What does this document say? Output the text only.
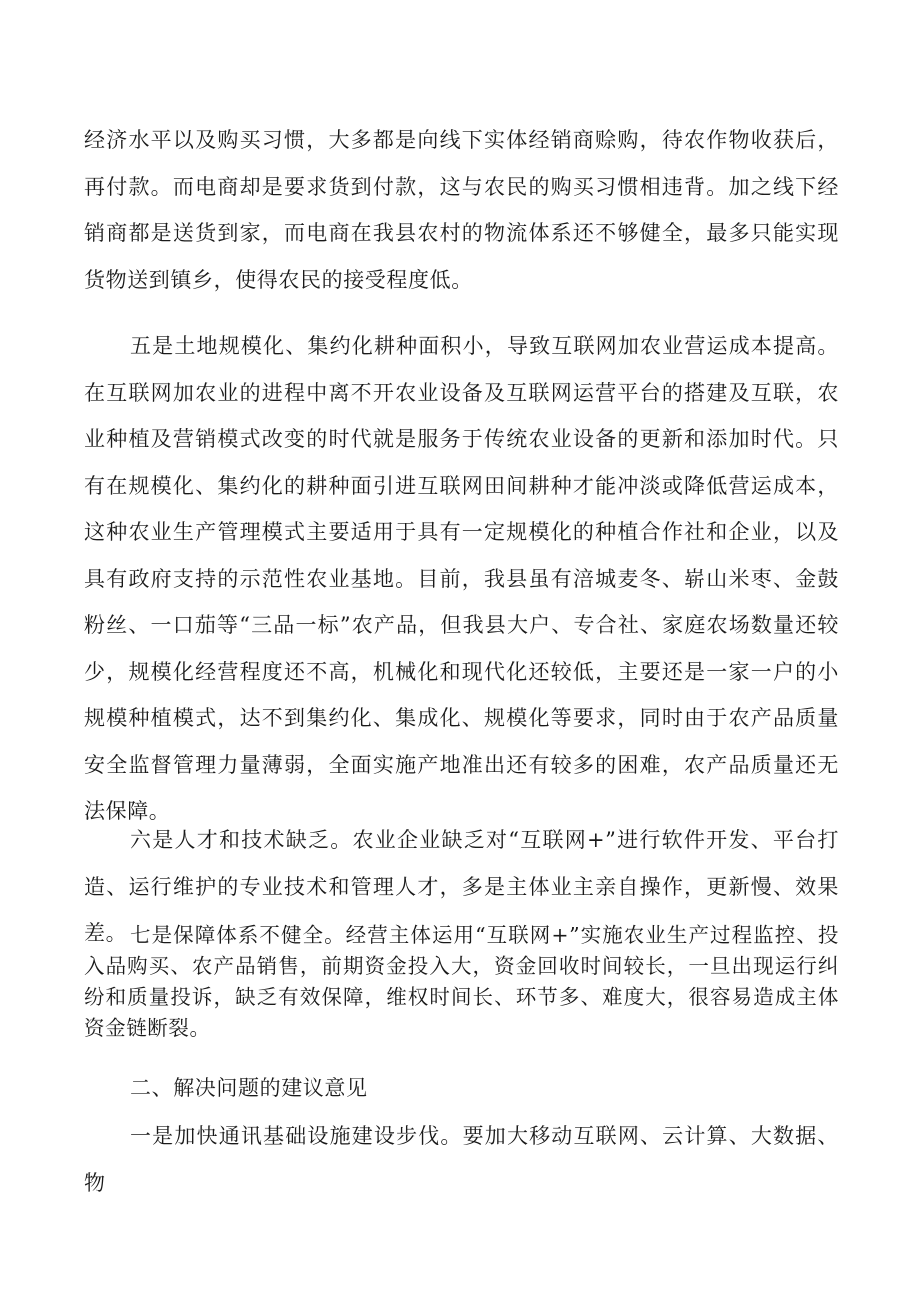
经济水平以及购买习惯，大多都是向线下实体经销商赊购，待农作物收获后，再付款。而电商却是要求货到付款，这与农民的购买习惯相违背。加之线下经销商都是送货到家，而电商在我县农村的物流体系还不够健全，最多只能实现货物送到镇乡，使得农民的接受程度低。

五是土地规模化、集约化耕种面积小，导致互联网加农业营运成本提高。在互联网加农业的进程中离不开农业设备及互联网运营平台的搭建及互联，农业种植及营销模式改变的时代就是服务于传统农业设备的更新和添加时代。只有在规模化、集约化的耕种面引进互联网田间耕种才能冲淡或降低营运成本，这种农业生产管理模式主要适用于具有一定规模化的种植合作社和企业，以及具有政府支持的示范性农业基地。目前，我县虽有涪城麦冬、崭山米枣、金鼓粉丝、一口茄等“三品一标”农产品，但我县大户、专合社、家庭农场数量还较少，规模化经营程度还不高，机械化和现代化还较低，主要还是一家一户的小规模种植模式，达不到集约化、集成化、规模化等要求，同时由于农产品质量安全监督管理力量薄弱，全面实施产地准出还有较多的困难，农产品质量还无法保障。

六是人才和技术缺乏。农业企业缺乏对“互联网+”进行软件开发、平台打造、运行维护的专业技术和管理人才，多是主体业主亲自操作，更新慢、效果差。 七是保障体系不健全。经营主体运用“互联网+”实施农业生产过程监控、投入品购买、农产品销售，前期资金投入大，资金回收时间较长，一旦出现运行纠纷和质量投诉，缺乏有效保障，维权时间长、环节多、难度大，很容易造成主体资金链断裂。

二、解决问题的建议意见

一是加快通讯基础设施建设步伐。要加大移动互联网、云计算、大数据、物
